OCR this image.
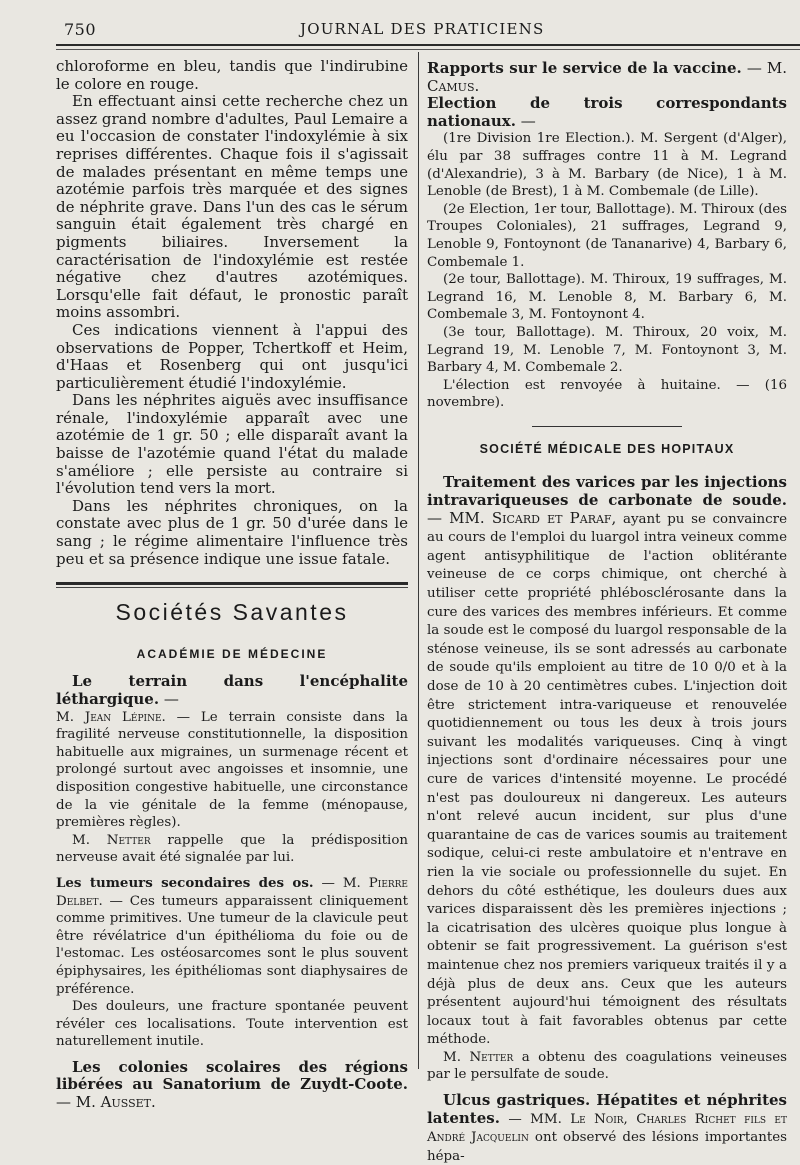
750	JOURNAL DES PRATICIENS

chloroforme en bleu, tandis que l'indirubine le colore en rouge.

En effectuant ainsi cette recherche chez un assez grand nombre d'adultes, Paul Lemaire a eu l'occasion de constater l'indoxylémie à six reprises différentes. Chaque fois il s'agissait de malades présentant en même temps une azotémie parfois très marquée et des signes de néphrite grave. Dans l'un des cas le sérum sanguin était également très chargé en pigments biliaires. Inversement la caractérisation de l'indoxylémie est restée négative chez d'autres azotémiques. Lorsqu'elle fait défaut, le pronostic paraît moins assombri.

Ces indications viennent à l'appui des observations de Popper, Tchertkoff et Heim, d'Haas et Rosenberg qui ont jusqu'ici particulièrement étudié l'indoxylémie.

Dans les néphrites aiguës avec insuffisance rénale, l'indoxylémie apparaît avec une azotémie de 1 gr. 50 ; elle disparaît avant la baisse de l'azotémie quand l'état du malade s'améliore ; elle persiste au contraire si l'évolution tend vers la mort.

Dans les néphrites chroniques, on la constate avec plus de 1 gr. 50 d'urée dans le sang ; le régime alimentaire l'influence très peu et sa présence indique une issue fatale.

Sociétés Savantes
ACADÉMIE DE MÉDECINE

Le terrain dans l'encéphalite léthargique. —

M. Jean Lépine. — Le terrain consiste dans la fragilité nerveuse constitutionnelle, la disposition habituelle aux migraines, un surmenage récent et prolongé surtout avec angoisses et insomnie, une disposition congestive habituelle, une circonstance de la vie génitale de la femme (ménopause, premières règles).

M. Netter rappelle que la prédisposition nerveuse avait été signalée par lui.

Les tumeurs secondaires des os. — M. Pierre Delbet. — Ces tumeurs apparaissent cliniquement comme primitives. Une tumeur de la clavicule peut être révélatrice d'un épithélioma du foie ou de l'estomac. Les ostéosarcomes sont le plus souvent épiphysaires, les épithéliomas sont diaphysaires de préférence.

Des douleurs, une fracture spontanée peuvent révéler ces localisations. Toute intervention est naturellement inutile.

Les colonies scolaires des régions libérées au Sanatorium de Zuydt-Coote. — M. Ausset.

Rapports sur le service de la vaccine. — M. Camus.

Election de trois correspondants nationaux. —

(1re Division 1re Election.). M. Sergent (d'Alger), élu par 38 suffrages contre 11 à M. Legrand (d'Alexandrie), 3 à M. Barbary (de Nice), 1 à M. Lenoble (de Brest), 1 à M. Combemale (de Lille).

(2e Election, 1er tour, Ballottage). M. Thiroux (des Troupes Coloniales), 21 suffrages, Legrand 9, Lenoble 9, Fontoynont (de Tananarive) 4, Barbary 6, Combemale 1.

(2e tour, Ballottage). M. Thiroux, 19 suffrages, M. Legrand 16, M. Lenoble 8, M. Barbary 6, M. Combemale 3, M. Fontoynont 4.

(3e tour, Ballottage). M. Thiroux, 20 voix, M. Legrand 19, M. Lenoble 7, M. Fontoynont 3, M. Barbary 4, M. Combemale 2.

L'élection est renvoyée à huitaine. — (16 novembre).

SOCIÉTÉ MÉDICALE DES HOPITAUX

Traitement des varices par les injections intravariqueuses de carbonate de soude. — MM. Sicard et Paraf, ayant pu se convaincre au cours de l'emploi du luargol intra veineux comme agent antisyphilitique de l'action oblitérante veineuse de ce corps chimique, ont cherché à utiliser cette propriété phlébosclérosante dans la cure des varices des membres inférieurs. Et comme la soude est le composé du luargol responsable de la sténose veineuse, ils se sont adressés au carbonate de soude qu'ils emploient au titre de 10 0/0 et à la dose de 10 à 20 centimètres cubes. L'injection doit être strictement intra-variqueuse et renouvelée quotidiennement ou tous les deux à trois jours suivant les modalités variqueuses. Cinq à vingt injections sont d'ordinaire nécessaires pour une cure de varices d'intensité moyenne. Le procédé n'est pas douloureux ni dangereux. Les auteurs n'ont relevé aucun incident, sur plus d'une quarantaine de cas de varices soumis au traitement sodique, celui-ci reste ambulatoire et n'entrave en rien la vie sociale ou professionnelle du sujet. En dehors du côté esthétique, les douleurs dues aux varices disparaissent dès les premières injections ; la cicatrisation des ulcères quoique plus longue à obtenir se fait progressivement. La guérison s'est maintenue chez nos premiers variqueux traités il y a déjà plus de deux ans. Ceux que les auteurs présentent aujourd'hui témoignent des résultats locaux tout à fait favorables obtenus par cette méthode.

M. Netter a obtenu des coagulations veineuses par le persulfate de soude.

Ulcus gastriques. Hépatites et néphrites latentes. — MM. Le Noir, Charles Richet fils et André Jacquelin ont observé des lésions importantes hépa-
